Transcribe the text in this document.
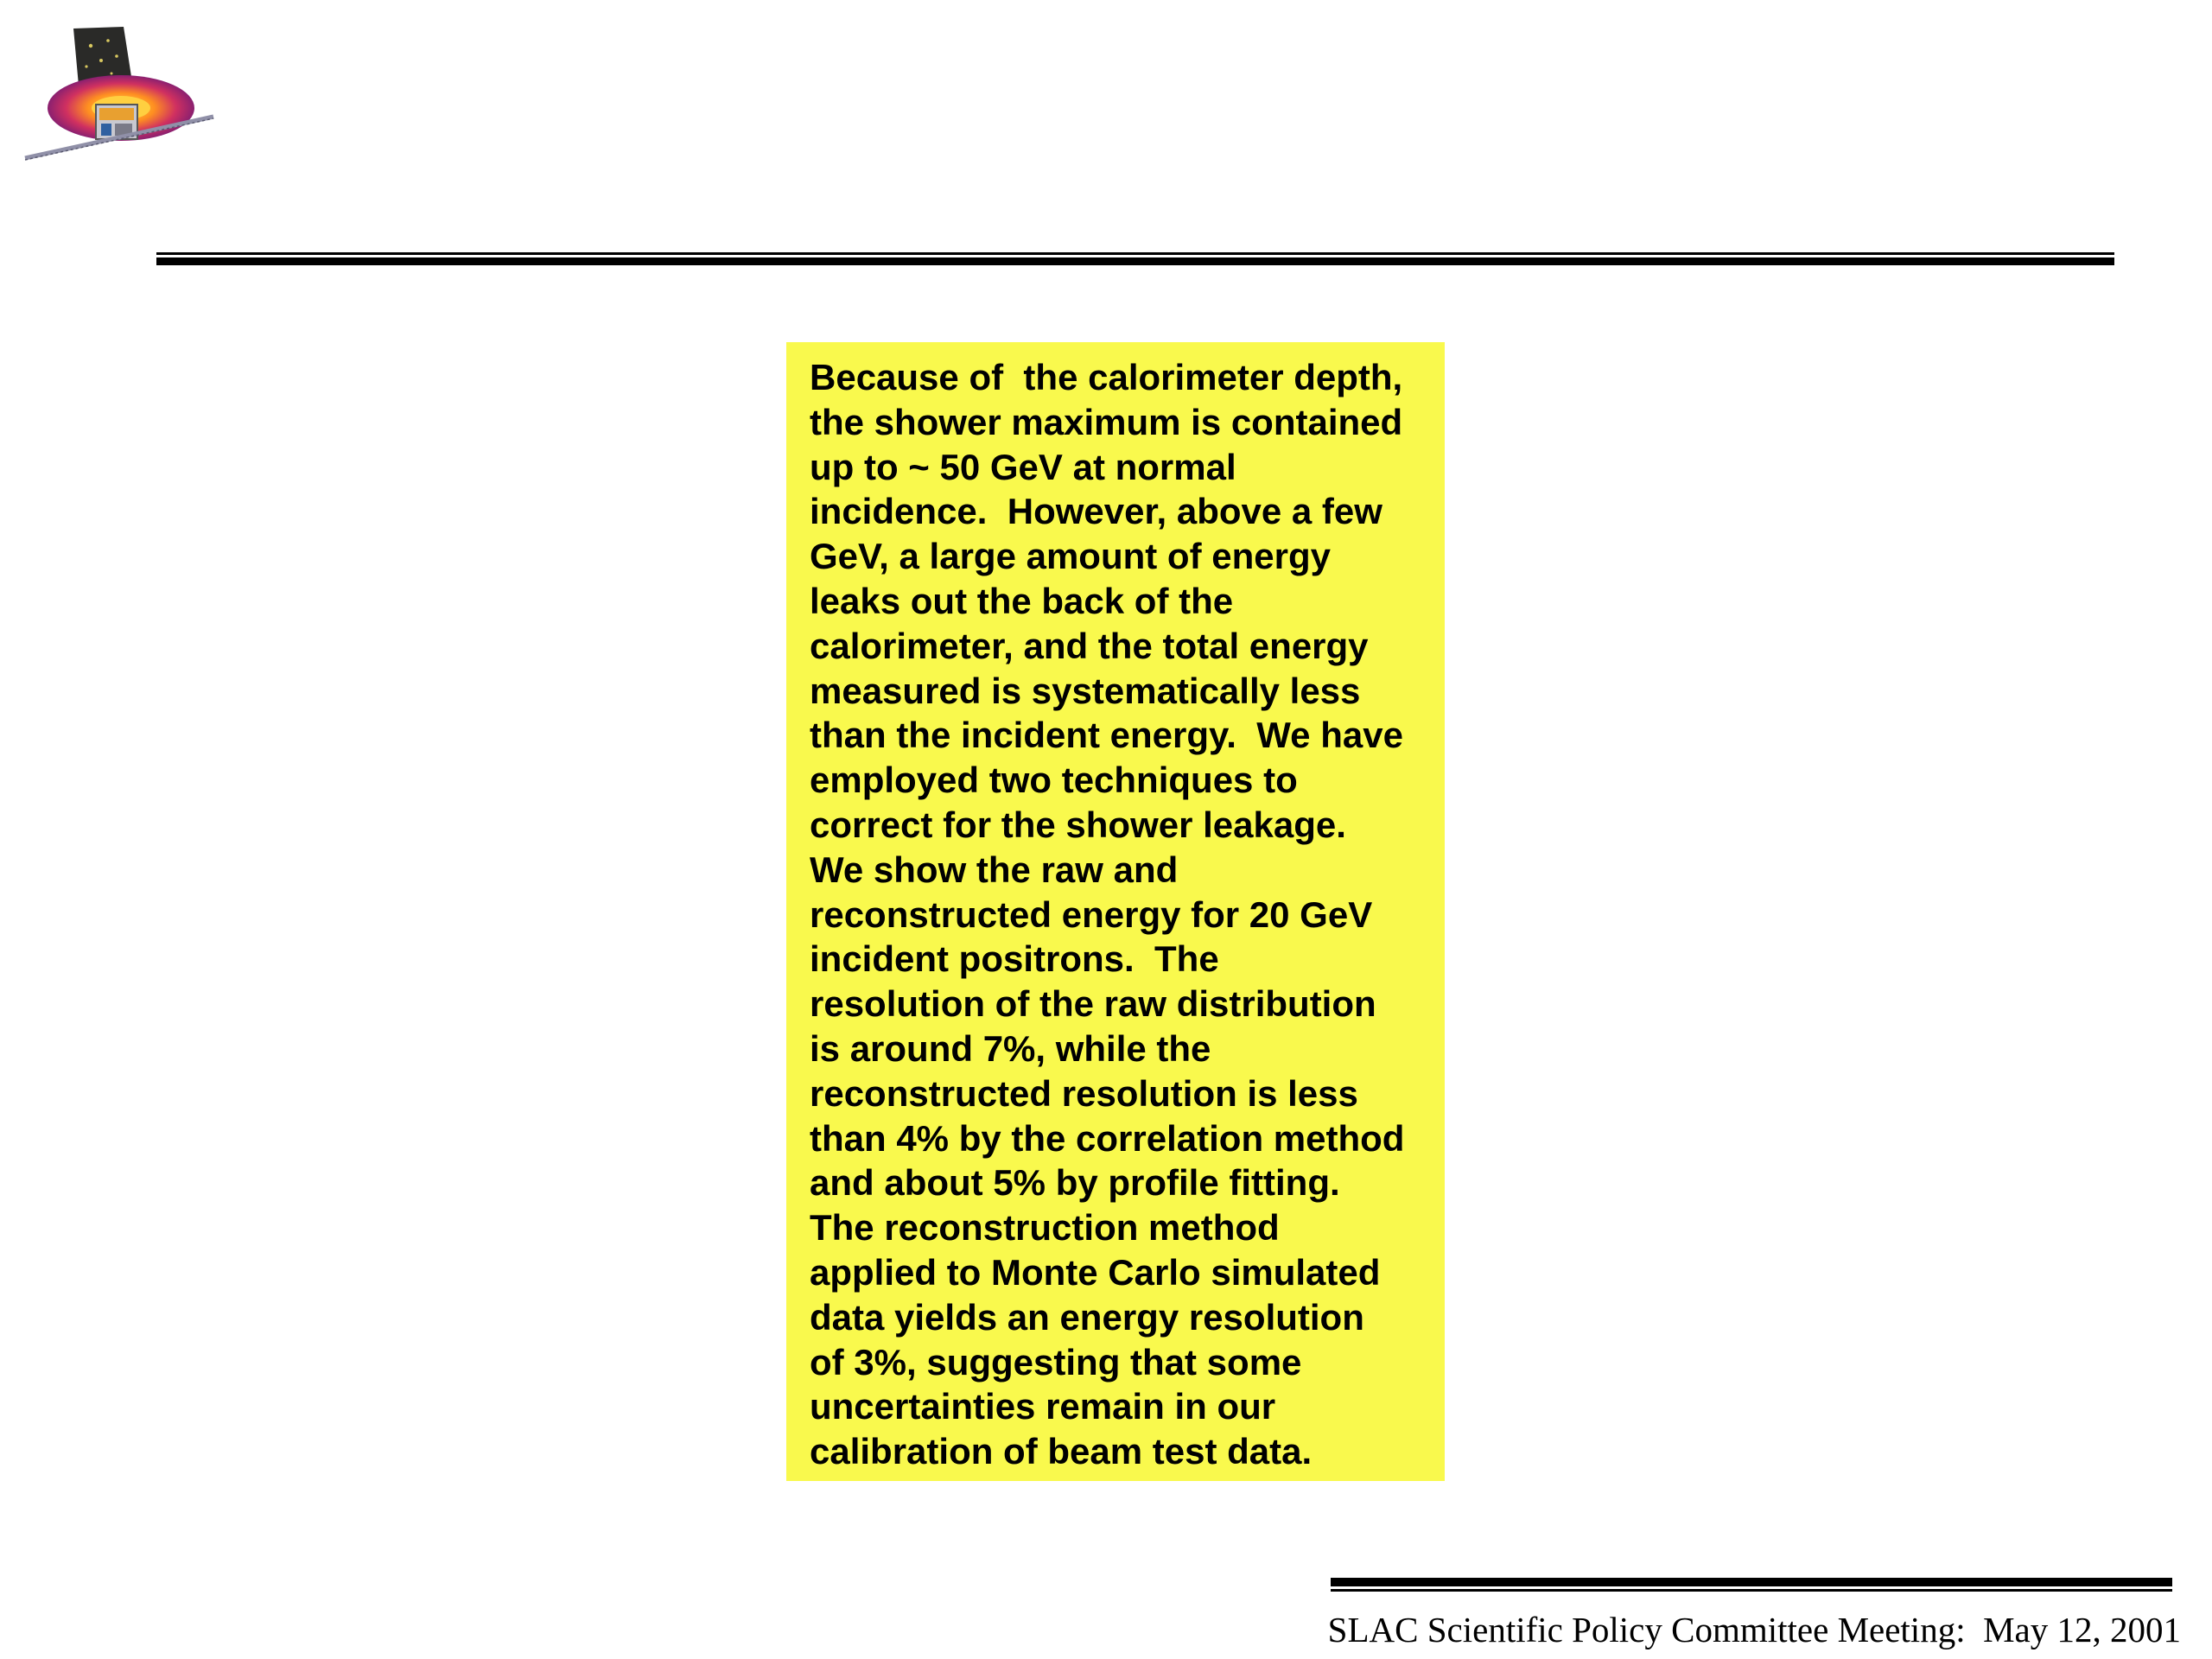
Because of  the calorimeter depth,
the shower maximum is contained
up to ~ 50 GeV at normal
incidence.  However, above a few
GeV, a large amount of energy
leaks out the back of the
calorimeter, and the total energy
measured is systematically less
than the incident energy.  We have
employed two techniques to
correct for the shower leakage.
We show the raw and
reconstructed energy for 20 GeV
incident positrons.  The
resolution of the raw distribution
is around 7%, while the
reconstructed resolution is less
than 4% by the correlation method
and about 5% by profile fitting.
The reconstruction method
applied to Monte Carlo simulated
data yields an energy resolution
of 3%, suggesting that some
uncertainties remain in our
calibration of beam test data.
SLAC Scientific Policy Committee Meeting:  May 12, 2001
